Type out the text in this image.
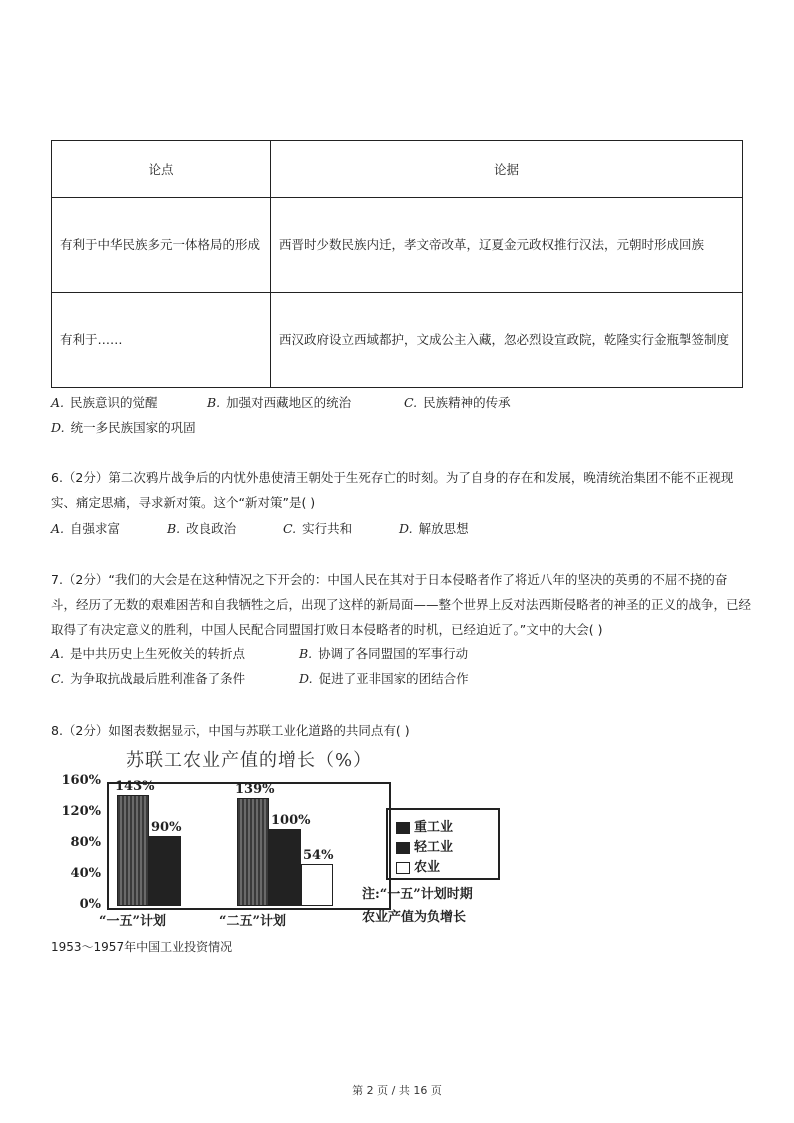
论点	论据
有利于中华民族多元一体格局的形成	西晋时少数民族内迁，孝文帝改革，辽夏金元政权推行汉法，元朝时形成回族
有利于……	西汉政府设立西域都护，文成公主入藏，忽必烈设宣政院，乾隆实行金瓶掣签制度
A. 民族意识的觉醒	B. 加强对西藏地区的统治	C. 民族精神的传承
D. 统一多民族国家的巩固
6.（2分）第二次鸦片战争后的内忧外患使清王朝处于生死存亡的时刻。为了自身的存在和发展，晚清统治集团不能不正视现实、痛定思痛，寻求新对策。这个“新对策”是( )
A. 自强求富	B. 改良政治	C. 实行共和	D. 解放思想
7.（2分）“我们的大会是在这种情况之下开会的：中国人民在其对于日本侵略者作了将近八年的坚决的英勇的不屈不挠的奋斗，经历了无数的艰难困苦和自我牺牲之后，出现了这样的新局面——整个世界上反对法西斯侵略者的神圣的正义的战争，已经取得了有决定意义的胜利，中国人民配合同盟国打败日本侵略者的时机，已经迫近了。”文中的大会( )
A. 是中共历史上生死攸关的转折点	B. 协调了各同盟国的军事行动
C. 为争取抗战最后胜利准备了条件	D. 促进了亚非国家的团结合作
8.（2分）如图表数据显示，中国与苏联工业化道路的共同点有( )
苏联工农业产值的增长（%）
160%
120%
80%
40%
0%
143%
90%
“一五”计划
139%
100%
54%
“二五”计划
重工业
轻工业
农业
注:“一五”计划时期
农业产值为负增长
1953～1957年中国工业投资情况
第 2 页 / 共 16 页
